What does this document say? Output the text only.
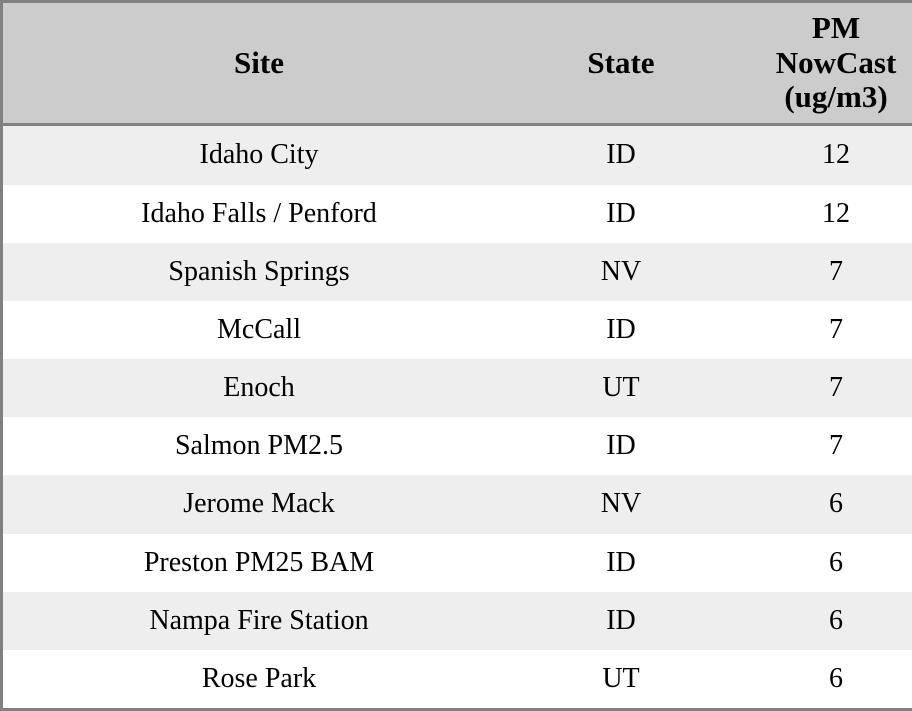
Site	State	PM
NowCast
(ug/m3)

Idaho City	ID	12
Idaho Falls / Penford	ID	12
Spanish Springs	NV	7
McCall	ID	7
Enoch	UT	7
Salmon PM2.5	ID	7
Jerome Mack	NV	6
Preston PM25 BAM	ID	6
Nampa Fire Station	ID	6
Rose Park	UT	6
